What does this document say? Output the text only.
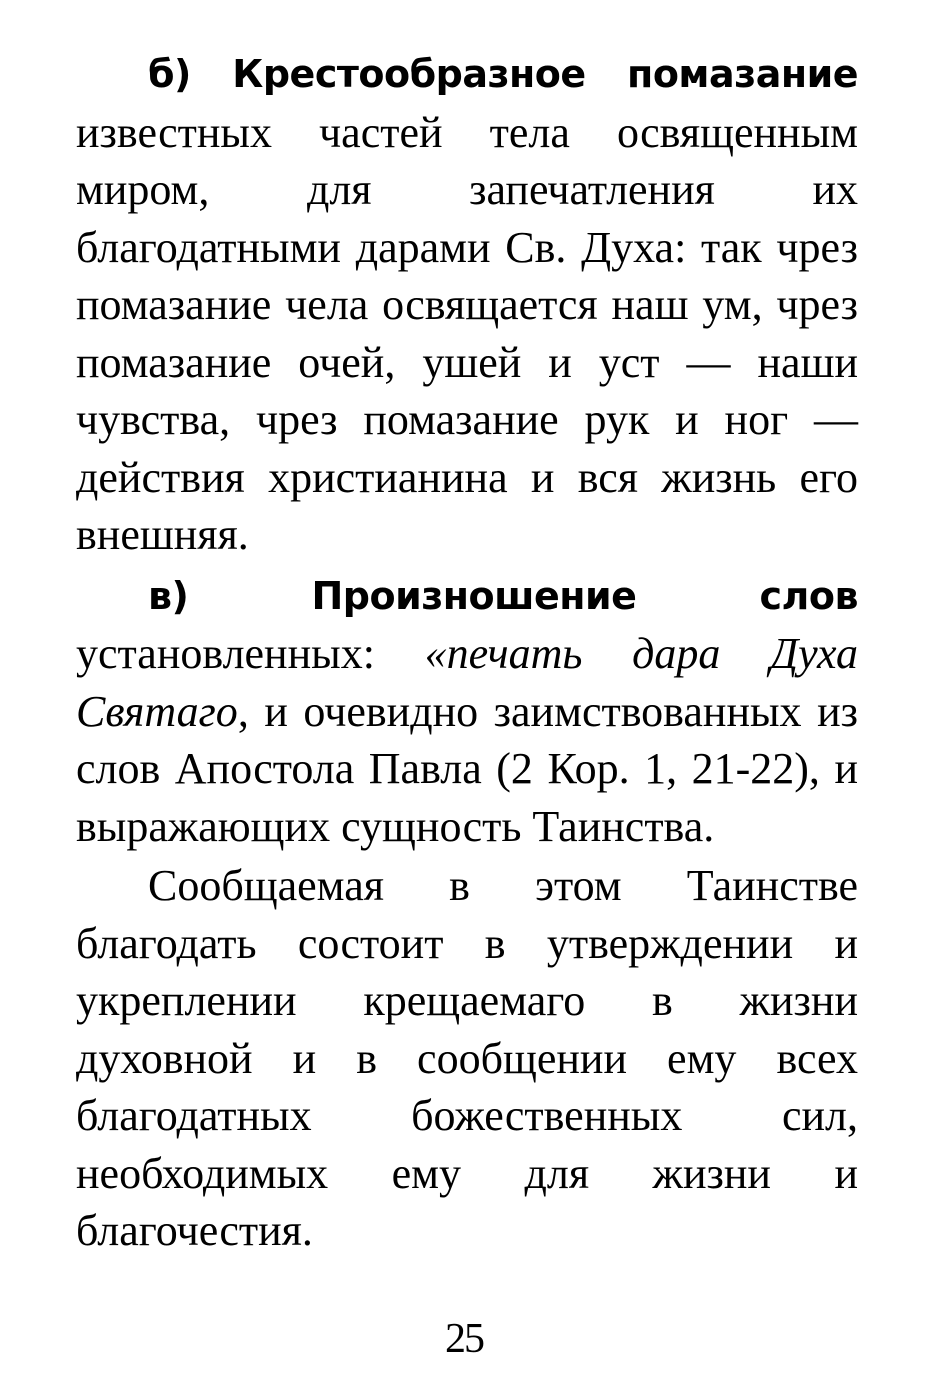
б) Крестообразное помазание известных частей тела освященным миром, для запечатления их благодатными дарами Св. Духа: так чрез помазание чела освящается наш ум, чрез помазание очей, ушей и уст — наши чувства, чрез помазание рук и ног — действия христианина и вся жизнь его внешняя.

в) Произношение слов установленных: «печать дара Духа Святаго, и очевидно заимствованных из слов Апостола Павла (2 Кор. 1, 21-22), и выражающих сущность Таинства.

Сообщаемая в этом Таинстве благодать состоит в утверждении и укреплении крещаемаго в жизни духовной и в сообщении ему всех благодатных божественных сил, необходимых ему для жизни и благочестия.

25
